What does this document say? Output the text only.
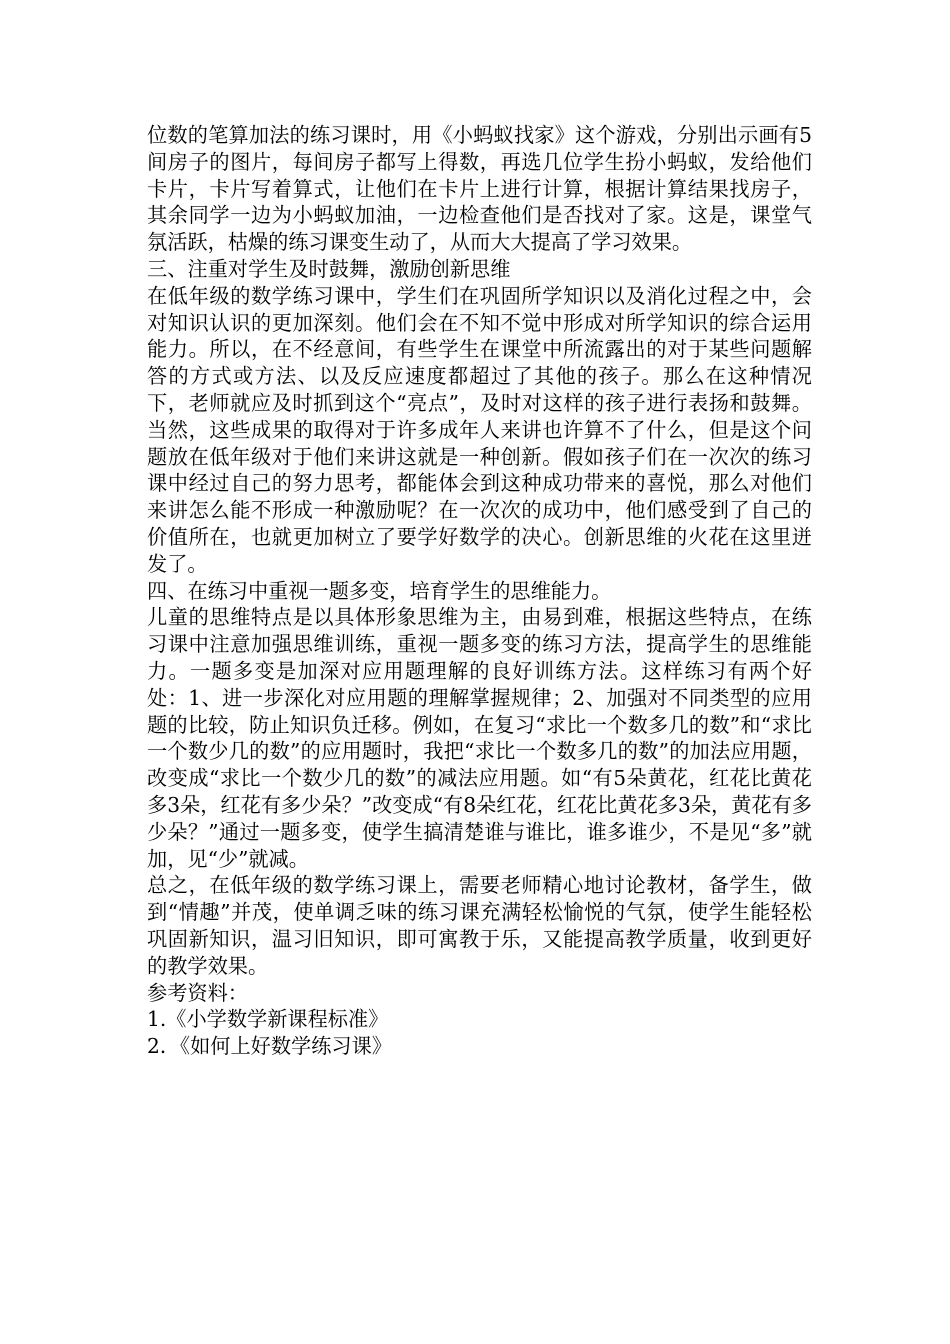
位数的笔算加法的练习课时，用《小蚂蚁找家》这个游戏，分别出示画有5间房子的图片，每间房子都写上得数，再选几位学生扮小蚂蚁，发给他们卡片，卡片写着算式，让他们在卡片上进行计算，根据计算结果找房子，其余同学一边为小蚂蚁加油，一边检查他们是否找对了家。这是，课堂气氛活跃，枯燥的练习课变生动了，从而大大提高了学习效果。

三、注重对学生及时鼓舞，激励创新思维

在低年级的数学练习课中，学生们在巩固所学知识以及消化过程之中，会对知识认识的更加深刻。他们会在不知不觉中形成对所学知识的综合运用能力。所以，在不经意间，有些学生在课堂中所流露出的对于某些问题解答的方式或方法、以及反应速度都超过了其他的孩子。那么在这种情况下，老师就应及时抓到这个“亮点”，及时对这样的孩子进行表扬和鼓舞。当然，这些成果的取得对于许多成年人来讲也许算不了什么，但是这个问题放在低年级对于他们来讲这就是一种创新。假如孩子们在一次次的练习课中经过自己的努力思考，都能体会到这种成功带来的喜悦，那么对他们来讲怎么能不形成一种激励呢？在一次次的成功中，他们感受到了自己的价值所在，也就更加树立了要学好数学的决心。创新思维的火花在这里迸发了。

四、在练习中重视一题多变，培育学生的思维能力。

儿童的思维特点是以具体形象思维为主，由易到难，根据这些特点，在练习课中注意加强思维训练，重视一题多变的练习方法，提高学生的思维能力。一题多变是加深对应用题理解的良好训练方法。这样练习有两个好处：1、进一步深化对应用题的理解掌握规律；2、加强对不同类型的应用题的比较，防止知识负迁移。例如，在复习“求比一个数多几的数”和“求比一个数少几的数”的应用题时，我把“求比一个数多几的数”的加法应用题，改变成“求比一个数少几的数”的减法应用题。如“有5朵黄花，红花比黄花多3朵，红花有多少朵？”改变成“有8朵红花，红花比黄花多3朵，黄花有多少朵？”通过一题多变，使学生搞清楚谁与谁比，谁多谁少，不是见“多”就加，见“少”就减。

总之，在低年级的数学练习课上，需要老师精心地讨论教材，备学生，做到“情趣”并茂，使单调乏味的练习课充满轻松愉悦的气氛，使学生能轻松巩固新知识，温习旧知识，即可寓教于乐，又能提高教学质量，收到更好的教学效果。

参考资料：

1.《小学数学新课程标准》

2．《如何上好数学练习课》
